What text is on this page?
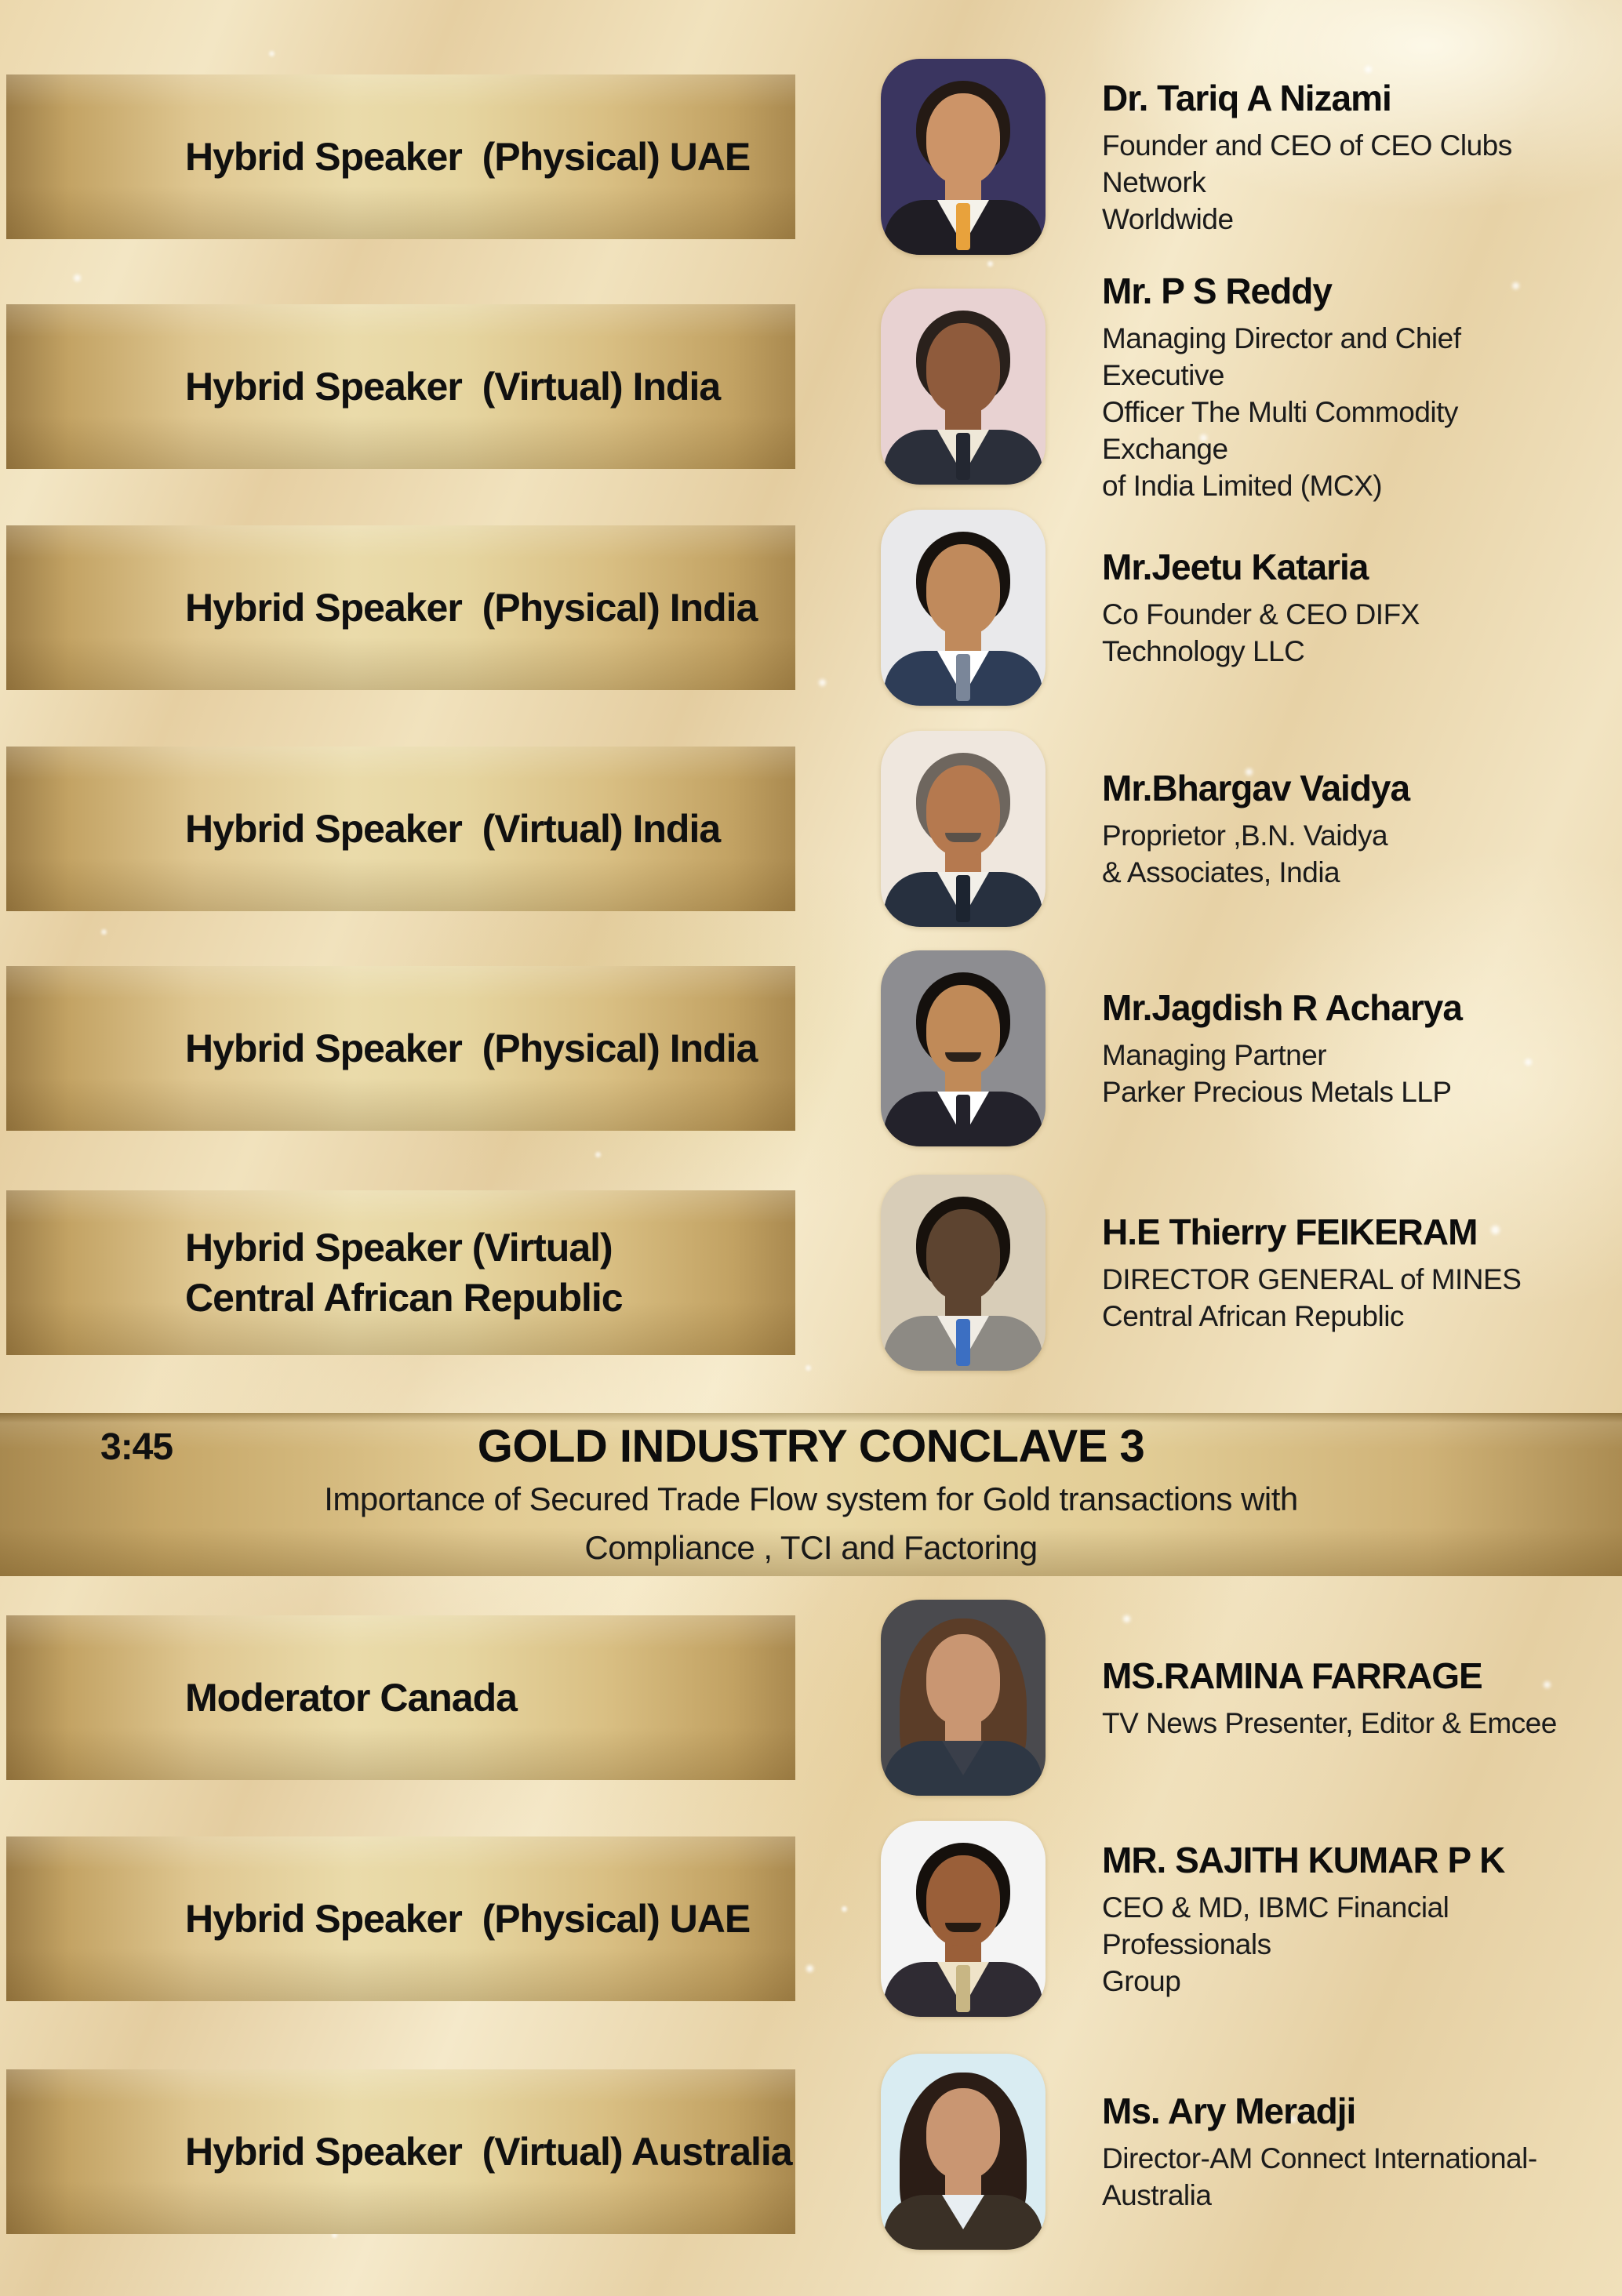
Hybrid Speaker  (Physical) UAE
Dr. Tariq A Nizami
Founder and CEO of CEO Clubs Network
Worldwide
Hybrid Speaker  (Virtual) India
Mr. P S Reddy
Managing Director and Chief Executive
Officer The Multi Commodity Exchange
of India Limited (MCX)
Hybrid Speaker  (Physical) India
Mr.Jeetu Kataria
Co Founder & CEO DIFX
Technology LLC
Hybrid Speaker  (Virtual) India
Mr.Bhargav Vaidya
Proprietor ,B.N. Vaidya
& Associates, India
Hybrid Speaker  (Physical) India
Mr.Jagdish R Acharya
Managing Partner
Parker Precious Metals LLP
Hybrid Speaker (Virtual)
Central African Republic
H.E Thierry FEIKERAM
DIRECTOR GENERAL of MINES
Central African Republic
3:45	GOLD INDUSTRY CONCLAVE 3
Importance of Secured Trade Flow system for Gold transactions with
Compliance , TCI and Factoring
Moderator Canada
MS.RAMINA FARRAGE
TV News Presenter, Editor & Emcee
Hybrid Speaker  (Physical) UAE
MR. SAJITH KUMAR P K
CEO & MD, IBMC Financial Professionals
Group
Hybrid Speaker  (Virtual) Australia
Ms. Ary Meradji
Director-AM Connect International-
Australia
